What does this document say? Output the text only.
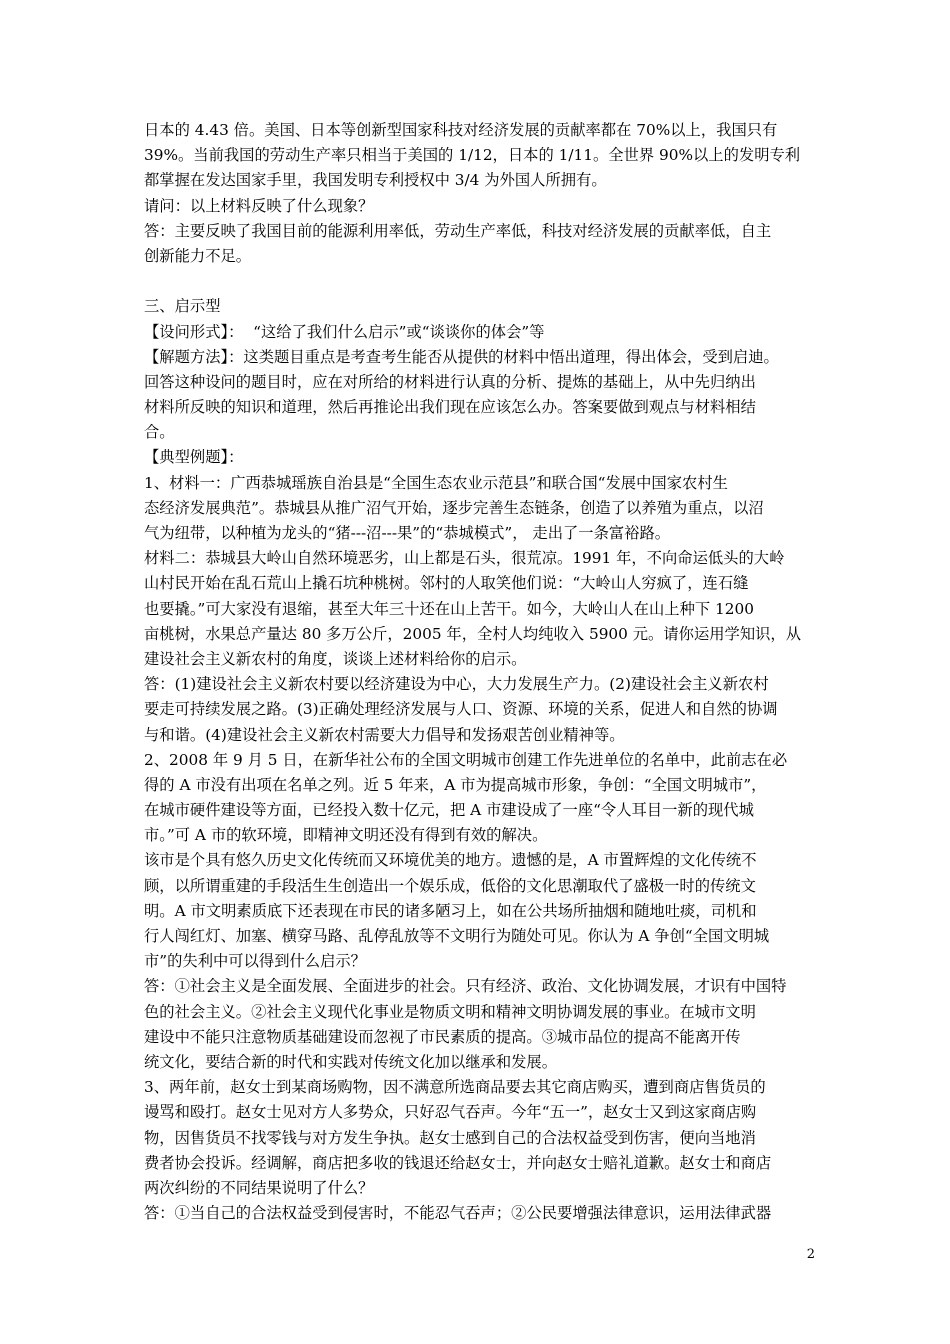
日本的 4.43 倍。美国、日本等创新型国家科技对经济发展的贡献率都在 70%以上，我国只有
39%。当前我国的劳动生产率只相当于美国的 1/12，日本的 1/11。全世界 90%以上的发明专利
都掌握在发达国家手里，我国发明专利授权中 3/4 为外国人所拥有。
请问：以上材料反映了什么现象？
答：主要反映了我国目前的能源利用率低，劳动生产率低，科技对经济发展的贡献率低，自主
创新能力不足。
三、启示型
【设问形式】：  “这给了我们什么启示”或“谈谈你的体会”等
【解题方法】：这类题目重点是考查考生能否从提供的材料中悟出道理，得出体会，受到启迪。
回答这种设问的题目时，应在对所给的材料进行认真的分析、提炼的基础上，从中先归纳出
材料所反映的知识和道理，然后再推论出我们现在应该怎么办。答案要做到观点与材料相结
合。
【典型例题】：
1、材料一：广西恭城瑶族自治县是“全国生态农业示范县”和联合国“发展中国家农村生
态经济发展典范”。恭城县从推广沼气开始，逐步完善生态链条，创造了以养殖为重点，以沼
气为纽带，以种植为龙头的“猪---沼---果”的“恭城模式”， 走出了一条富裕路。
材料二：恭城县大岭山自然环境恶劣，山上都是石头，很荒凉。1991 年，不向命运低头的大岭
山村民开始在乱石荒山上撬石坑种桃树。邻村的人取笑他们说：“大岭山人穷疯了，连石缝
也要撬。”可大家没有退缩，甚至大年三十还在山上苦干。如今，大岭山人在山上种下 1200
亩桃树，水果总产量达 80 多万公斤，2005 年，全村人均纯收入 5900 元。请你运用学知识，从
建设社会主义新农村的角度，谈谈上述材料给你的启示。
答：(1)建设社会主义新农村要以经济建设为中心，大力发展生产力。(2)建设社会主义新农村
要走可持续发展之路。(3)正确处理经济发展与人口、资源、环境的关系，促进人和自然的协调
与和谐。(4)建设社会主义新农村需要大力倡导和发扬艰苦创业精神等。
2、2008 年 9 月 5 日，在新华社公布的全国文明城市创建工作先进单位的名单中，此前志在必
得的 A 市没有出项在名单之列。近 5 年来，A 市为提高城市形象，争创：“全国文明城市”，
在城市硬件建设等方面，已经投入数十亿元，把 A 市建设成了一座“令人耳目一新的现代城
市。”可 A 市的软环境，即精神文明还没有得到有效的解决。
该市是个具有悠久历史文化传统而又环境优美的地方。遗憾的是，A 市置辉煌的文化传统不
顾，以所谓重建的手段活生生创造出一个娱乐成，低俗的文化思潮取代了盛极一时的传统文
明。A 市文明素质底下还表现在市民的诸多陋习上，如在公共场所抽烟和随地吐痰，司机和
行人闯红灯、加塞、横穿马路、乱停乱放等不文明行为随处可见。你认为 A 争创“全国文明城
市”的失利中可以得到什么启示？
答：①社会主义是全面发展、全面进步的社会。只有经济、政治、文化协调发展，才识有中国特
色的社会主义。②社会主义现代化事业是物质文明和精神文明协调发展的事业。在城市文明
建设中不能只注意物质基础建设而忽视了市民素质的提高。③城市品位的提高不能离开传
统文化，要结合新的时代和实践对传统文化加以继承和发展。
3、两年前，赵女士到某商场购物，因不满意所选商品要去其它商店购买，遭到商店售货员的
谩骂和殴打。赵女士见对方人多势众，只好忍气吞声。今年“五一”，赵女士又到这家商店购
物，因售货员不找零钱与对方发生争执。赵女士感到自己的合法权益受到伤害，便向当地消
费者协会投诉。经调解，商店把多收的钱退还给赵女士，并向赵女士赔礼道歉。赵女士和商店
两次纠纷的不同结果说明了什么？
答：①当自己的合法权益受到侵害时，不能忍气吞声；②公民要增强法律意识，运用法律武器
2
